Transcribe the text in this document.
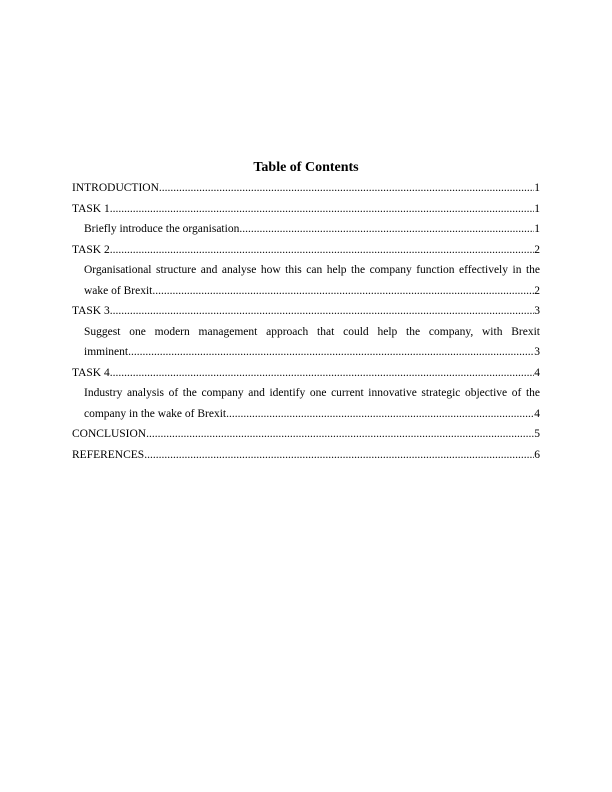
Table of Contents
INTRODUCTION .....	1
TASK 1 .....	1
Briefly introduce the organisation .....	1
TASK 2 .....	2
Organisational structure and analyse how this can help the company function effectively in the
wake of Brexit .....	2
TASK 3 .....	3
Suggest one modern management approach that could help the company, with Brexit
imminent .....	3
TASK 4 .....	4
Industry analysis of the company and identify one current innovative strategic objective of the
company in the wake of Brexit .....	4
CONCLUSION .....	5
REFERENCES .....	6
